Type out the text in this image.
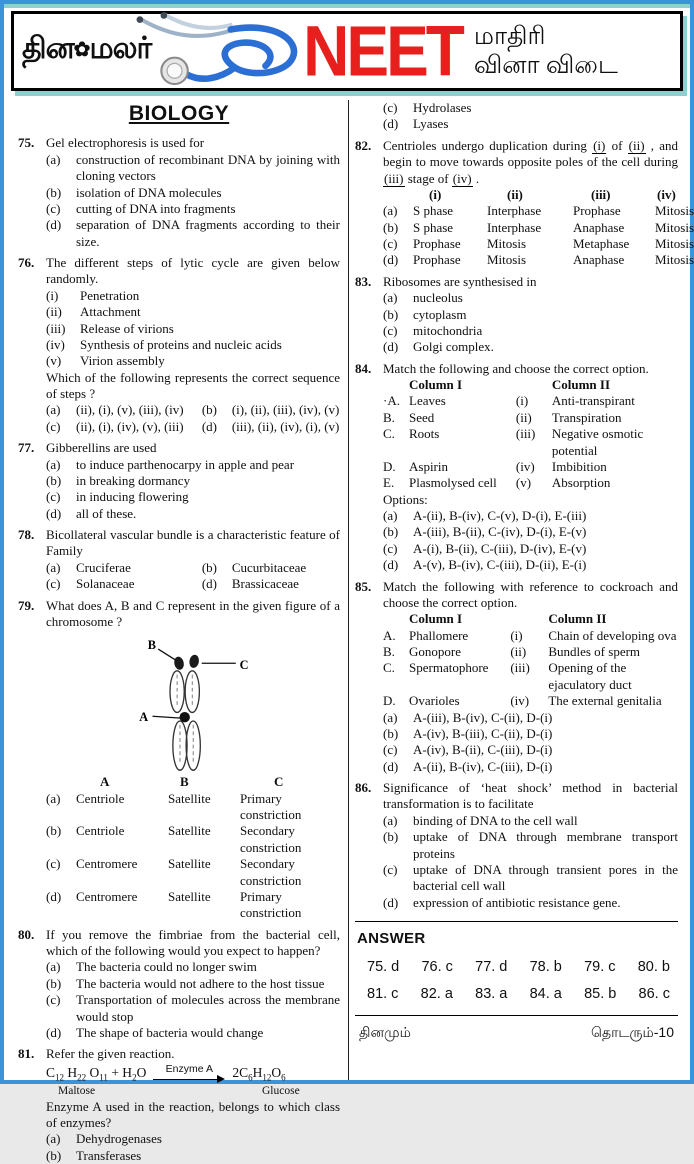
தின✿மலர் NEET மாதிரி
வினா விடை
BIOLOGY
75. Gel electrophoresis is used for
(a)	construction of recombinant DNA by joining with cloning vectors
(b)	isolation of DNA molecules
(c)	cutting of DNA into fragments
(d)	separation of DNA fragments according to their size.
76. The different steps of lytic cycle are given below randomly.
(i)	Penetration
(ii)	Attachment
(iii)	Release of virions
(iv)	Synthesis of proteins and nucleic acids
(v)	Virion assembly
Which of the following represents the correct sequence of steps ?
(a)	(ii), (i), (v), (iii), (iv) (b)	(i), (ii), (iii), (iv), (v)
(c)	(ii), (i), (iv), (v), (iii) (d)	(iii), (ii), (iv), (i), (v)
77. Gibberellins are used
(a)	to induce parthenocarpy in apple and pear
(b)	in breaking dormancy
(c)	in inducing flowering
(d)	all of these.
78. Bicollateral vascular bundle is a characteristic feature of Family
(a)	Cruciferae	(b)	Cucurbitaceae
(c)	Solanaceae	(d)	Brassicaceae
79. What does A, B and C represent in the given figure of a chromosome ?
B
C
A
A	B	C
(a)	Centriole	Satellite	Primary constriction
(b)	Centriole	Satellite	Secondary constriction
(c)	Centromere	Satellite	Secondary constriction
(d)	Centromere	Satellite	Primary constriction
80. If you remove the fimbriae from the bacterial cell, which of the following would you expect to happen?
(a)	The bacteria could no longer swim
(b)	The bacteria would not adhere to the host tissue
(c)	Transportation of molecules across the membrane would stop
(d)	The shape of bacteria would change
81. Refer the given reaction.
$C_{12}$ $H_{22}$ $O_{11} + H_2O$ Enzyme A $2C_6H_{12}O_6$
Maltose	Glucose
Enzyme A used in the reaction, belongs to which class of enzymes?
(a)	Dehydrogenases
(b)	Transferases
(c)	Hydrolases
(d)	Lyases
82. Centrioles undergo duplication during (i) of (ii) , and begin to move towards opposite poles of the cell during (iii) stage of (iv) .
(i)	(ii)	(iii)	(iv)
(a)	S phase	Interphase	Prophase	Mitosis
(b)	S phase	Interphase	Anaphase	Mitosis
(c)	Prophase	Mitosis	Metaphase	Mitosis
(d)	Prophase	Mitosis	Anaphase	Mitosis
83. Ribosomes are synthesised in
(a)	nucleolus
(b)	cytoplasm
(c)	mitochondria
(d)	Golgi complex.
84. Match the following and choose the correct option.
Column I	Column II
·A. Leaves	(i)	Anti-transpirant
B.	Seed	(ii)	Transpiration
C.	Roots	(iii)	Negative osmotic potential
D.	Aspirin	(iv)	Imbibition
E.	Plasmolysed cell	(v)	Absorption
Options:
(a)	A-(ii), B-(iv), C-(v), D-(i), E-(iii)
(b)	A-(iii), B-(ii), C-(iv), D-(i), E-(v)
(c)	A-(i), B-(ii), C-(iii), D-(iv), E-(v)
(d)	A-(v), B-(iv), C-(iii), D-(ii), E-(i)
85. Match the following with reference to cockroach and choose the correct option.
Column I	Column II
A.	Phallomere	(i)	Chain of developing ova
B.	Gonopore	(ii)	Bundles of sperm
C.	Spermatophore	(iii)	Opening of the ejaculatory duct
D.	Ovarioles	(iv)	The external genitalia
(a)	A-(iii), B-(iv), C-(ii), D-(i)
(b)	A-(iv), B-(iii), C-(ii), D-(i)
(c)	A-(iv), B-(ii), C-(iii), D-(i)
(d)	A-(ii), B-(iv), C-(iii), D-(i)
86. Significance of ‘heat shock’ method in bacterial transformation is to facilitate
(a)	binding of DNA to the cell wall
(b)	uptake of DNA through membrane transport proteins
(c)	uptake of DNA through transient pores in the bacterial cell wall
(d)	expression of antibiotic resistance gene.
ANSWER
75. d 76. c 77. d 78. b 79. c 80. b
81. c 82. a 83. a 84. a 85. b 86. c
தினமும்	தொடரும்-10
